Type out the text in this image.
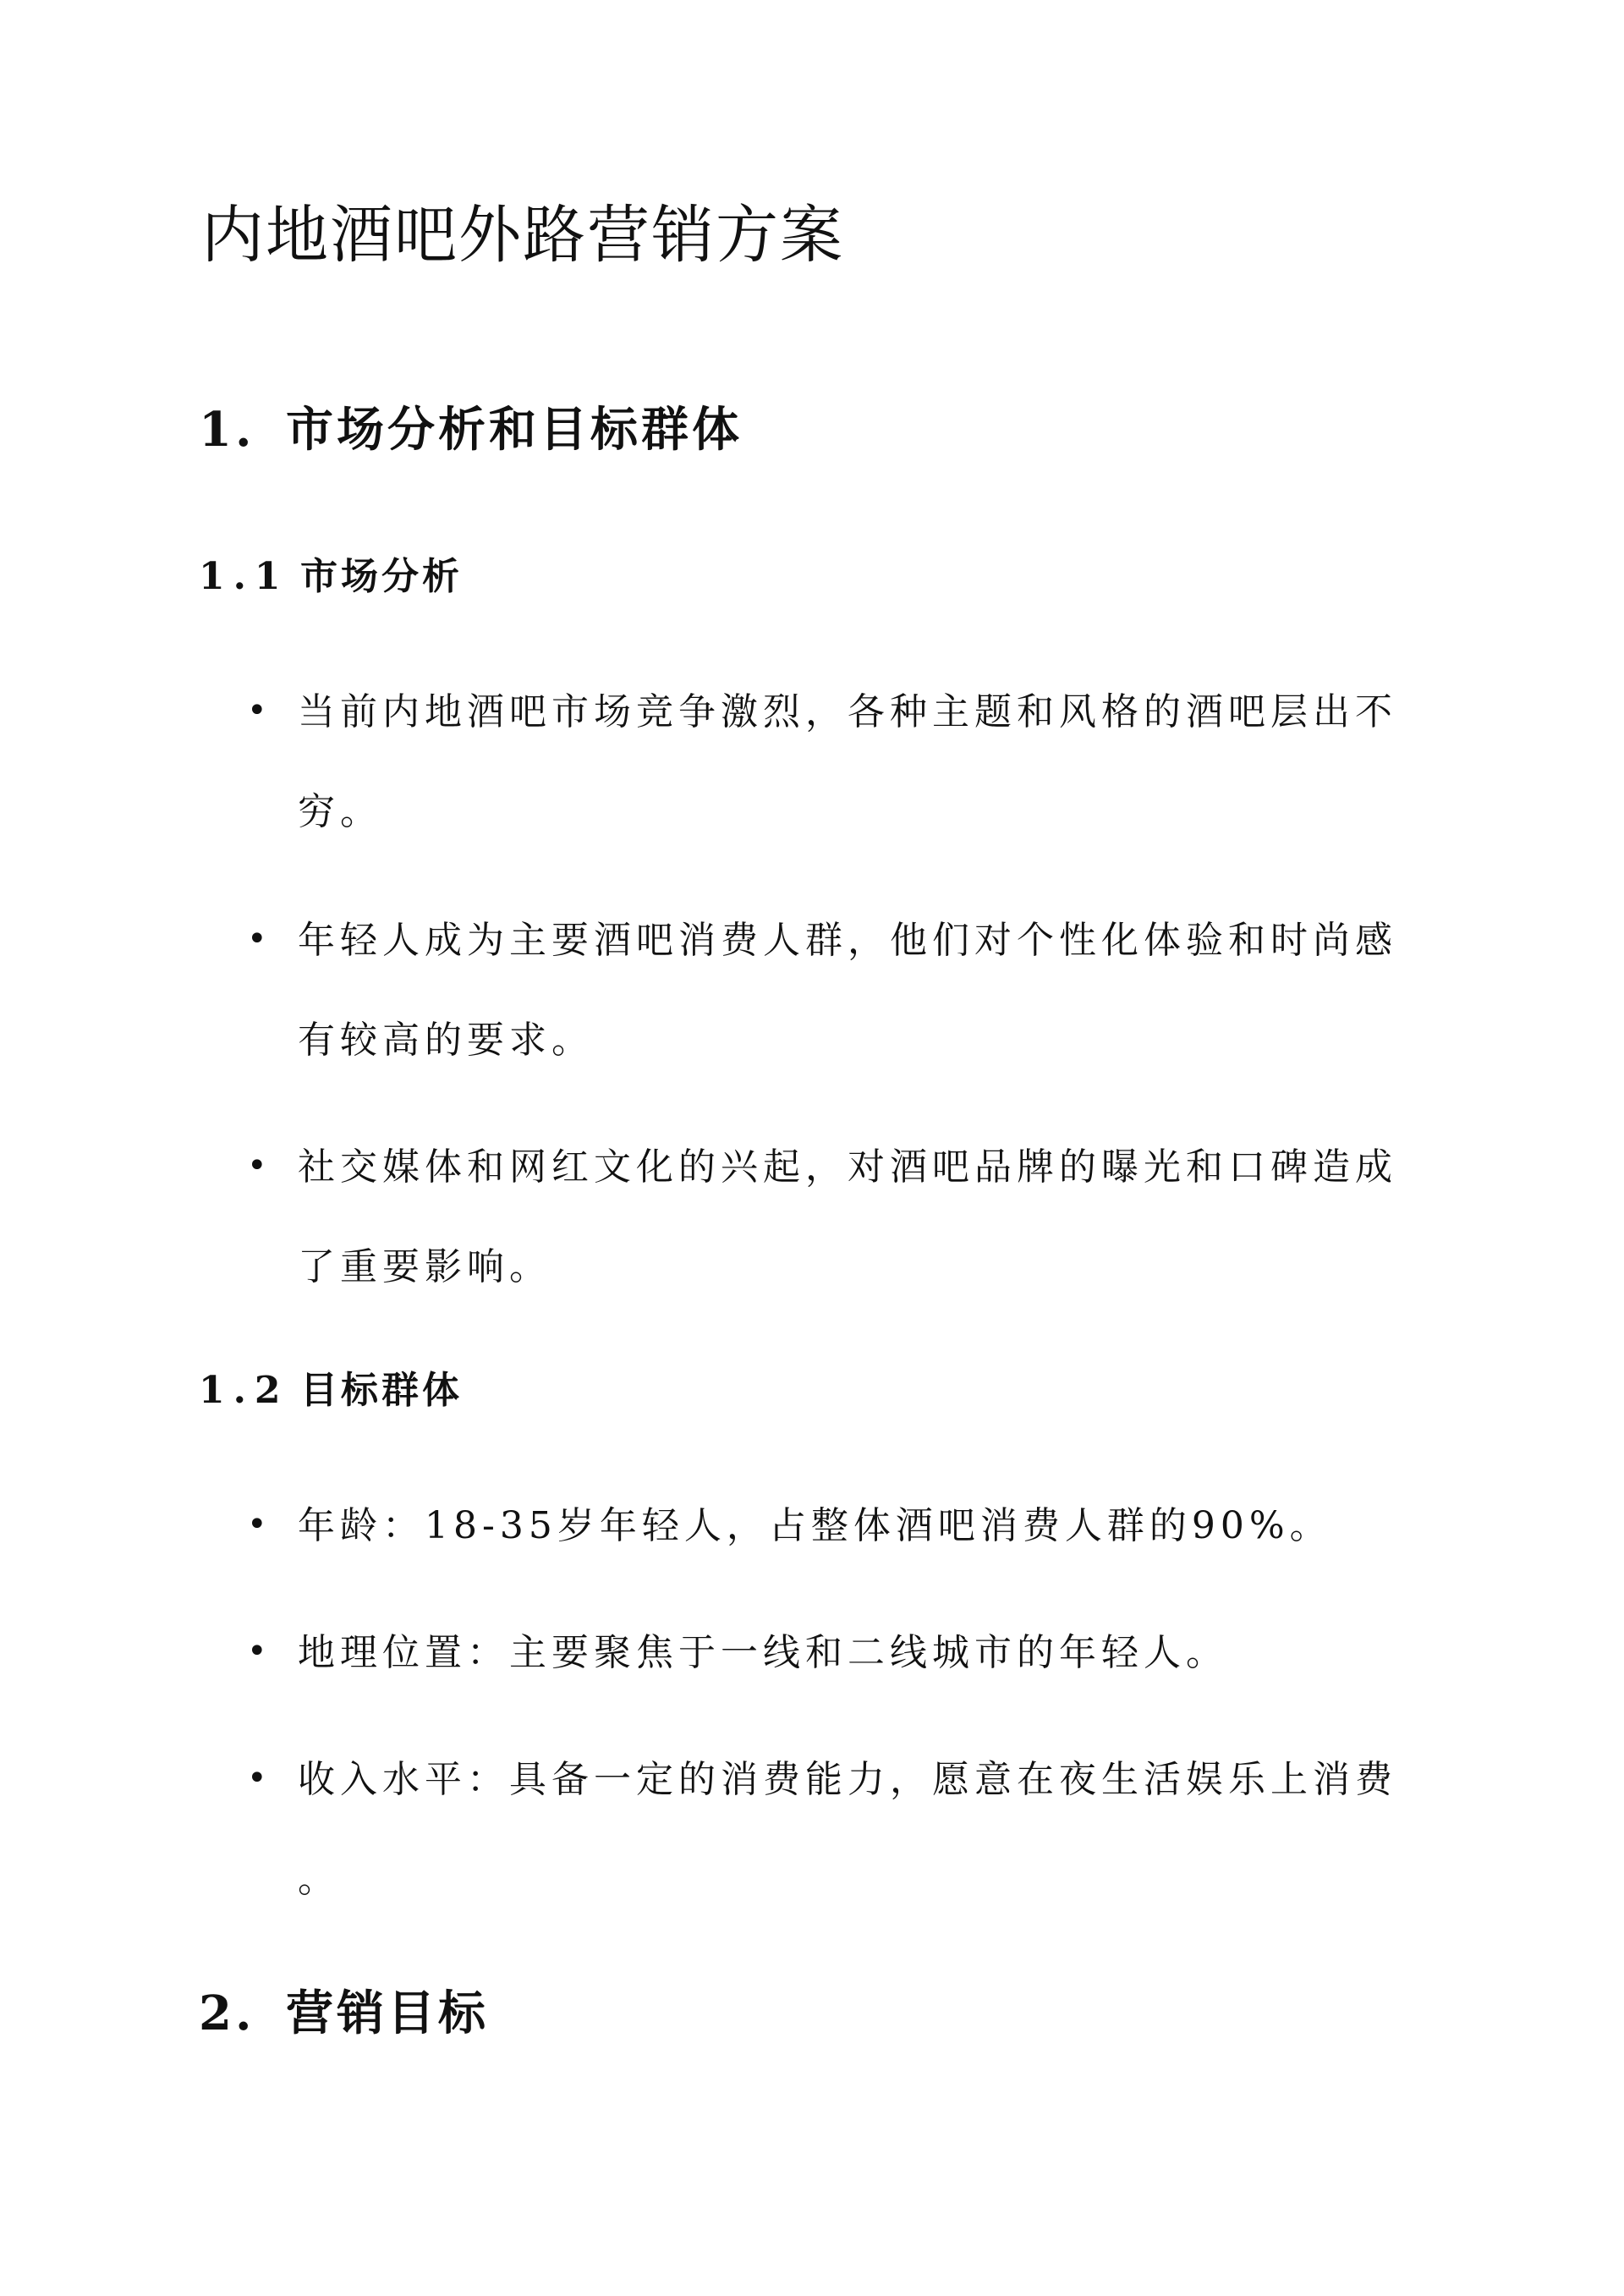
内地酒吧外路营销方案
1. 市场分析和目标群体
1.1 市场分析
• 当前内地酒吧市场竞争激烈，各种主题和风格的酒吧层出不
穷。
• 年轻人成为主要酒吧消费人群，他们对个性化体验和时尚感
有较高的要求。
• 社交媒体和网红文化的兴起，对酒吧品牌的曝光和口碑造成
了重要影响。
1.2 目标群体
• 年龄：18-35岁年轻人，占整体酒吧消费人群的90%。
• 地理位置：主要聚焦于一线和二线城市的年轻人。
• 收入水平：具备一定的消费能力，愿意在夜生活娱乐上消费
。
2. 营销目标
